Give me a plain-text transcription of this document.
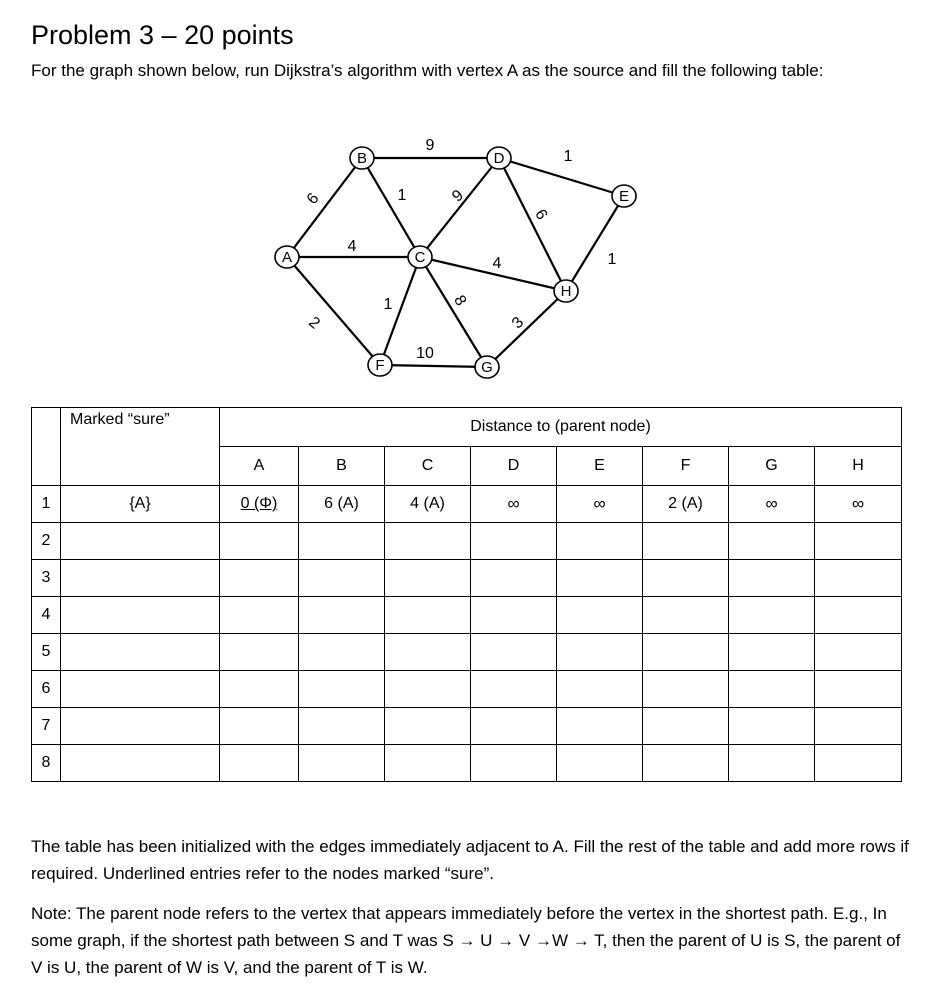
Problem 3 – 20 points
For the graph shown below, run Dijkstra’s algorithm with vertex A as the source and fill the following table:
6
4
2
9
1	9
1	8
4
1
6
1
10
3
A
B
C
D
E
F	G
H
	Marked “sure”	Distance to (parent node)							
		A	B	C	D	E	F	G	H
1	{A}	0 (Φ)	6 (A)	4 (A)	∞	∞	2 (A)	∞	∞
2									
3									
4									
5									
6									
7									
8									
The table has been initialized with the edges immediately adjacent to A. Fill the rest of the table and add more rows if required. Underlined entries refer to the nodes marked “sure”.
Note: The parent node refers to the vertex that appears immediately before the vertex in the shortest path. E.g., In some graph, if the shortest path between S and T was S → U → V →W → T, then the parent of U is S, the parent of V is U, the parent of W is V, and the parent of T is W.
